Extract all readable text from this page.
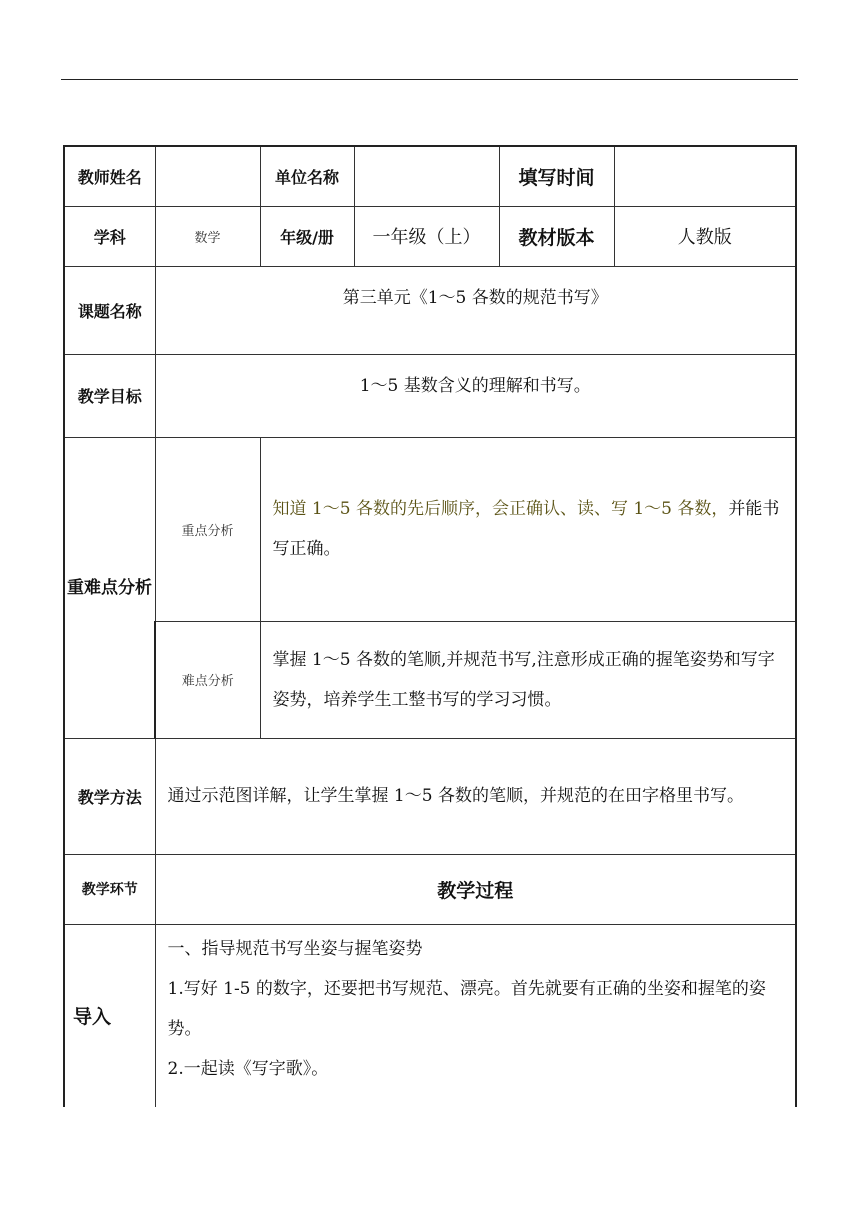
教师姓名		单位名称		填写时间	
学科	数学	年级/册	一年级（上）	教材版本	人教版
课题名称	第三单元《1～5 各数的规范书写》				
教学目标	1～5 基数含义的理解和书写。				
重难点分析	重点分析	知道 1～5 各数的先后顺序，会正确认、读、写 1～5 各数，并能书写正确。			
	难点分析	掌握 1～5 各数的笔顺,并规范书写,注意形成正确的握笔姿势和写字姿势，培养学生工整书写的学习习惯。			
教学方法	通过示范图详解，让学生掌握 1～5 各数的笔顺，并规范的在田字格里书写。				
教学环节	教学过程				
导入	一、指导规范书写坐姿与握笔姿势
1.写好 1-5 的数字，还要把书写规范、漂亮。首先就要有正确的坐姿和握笔的姿势。
2.一起读《写字歌》。				
